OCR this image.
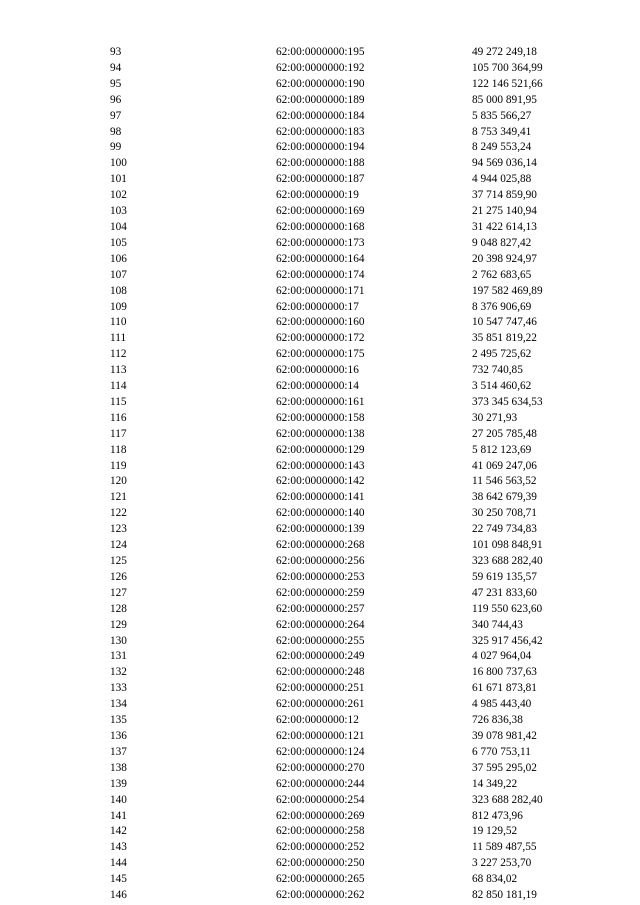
93	62:00:0000000:195	49 272 249,18
94	62:00:0000000:192	105 700 364,99
95	62:00:0000000:190	122 146 521,66
96	62:00:0000000:189	85 000 891,95
97	62:00:0000000:184	5 835 566,27
98	62:00:0000000:183	8 753 349,41
99	62:00:0000000:194	8 249 553,24
100	62:00:0000000:188	94 569 036,14
101	62:00:0000000:187	4 944 025,88
102	62:00:0000000:19	37 714 859,90
103	62:00:0000000:169	21 275 140,94
104	62:00:0000000:168	31 422 614,13
105	62:00:0000000:173	9 048 827,42
106	62:00:0000000:164	20 398 924,97
107	62:00:0000000:174	2 762 683,65
108	62:00:0000000:171	197 582 469,89
109	62:00:0000000:17	8 376 906,69
110	62:00:0000000:160	10 547 747,46
111	62:00:0000000:172	35 851 819,22
112	62:00:0000000:175	2 495 725,62
113	62:00:0000000:16	732 740,85
114	62:00:0000000:14	3 514 460,62
115	62:00:0000000:161	373 345 634,53
116	62:00:0000000:158	30 271,93
117	62:00:0000000:138	27 205 785,48
118	62:00:0000000:129	5 812 123,69
119	62:00:0000000:143	41 069 247,06
120	62:00:0000000:142	11 546 563,52
121	62:00:0000000:141	38 642 679,39
122	62:00:0000000:140	30 250 708,71
123	62:00:0000000:139	22 749 734,83
124	62:00:0000000:268	101 098 848,91
125	62:00:0000000:256	323 688 282,40
126	62:00:0000000:253	59 619 135,57
127	62:00:0000000:259	47 231 833,60
128	62:00:0000000:257	119 550 623,60
129	62:00:0000000:264	340 744,43
130	62:00:0000000:255	325 917 456,42
131	62:00:0000000:249	4 027 964,04
132	62:00:0000000:248	16 800 737,63
133	62:00:0000000:251	61 671 873,81
134	62:00:0000000:261	4 985 443,40
135	62:00:0000000:12	726 836,38
136	62:00:0000000:121	39 078 981,42
137	62:00:0000000:124	6 770 753,11
138	62:00:0000000:270	37 595 295,02
139	62:00:0000000:244	14 349,22
140	62:00:0000000:254	323 688 282,40
141	62:00:0000000:269	812 473,96
142	62:00:0000000:258	19 129,52
143	62:00:0000000:252	11 589 487,55
144	62:00:0000000:250	3 227 253,70
145	62:00:0000000:265	68 834,02
146	62:00:0000000:262	82 850 181,19
